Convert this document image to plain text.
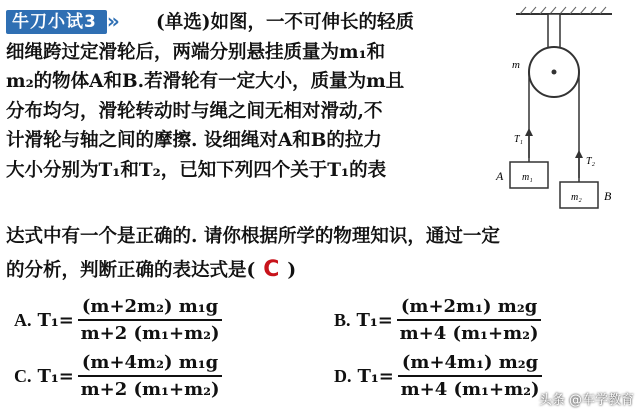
牛刀小试3 »	(单选)如图，一不可伸长的轻质
细绳跨过定滑轮后，两端分别悬挂质量为m₁和
m₂的物体A和B.若滑轮有一定大小，质量为m且
分布均匀，滑轮转动时与绳之间无相对滑动,不
计滑轮与轴之间的摩擦. 设细绳对A和B的拉力
大小分别为T₁和T₂，已知下列四个关于T₁的表
达式中有一个是正确的. 请你根据所学的物理知识，通过一定
的分析，判断正确的表达式是( C )
A. $T_1= \frac{\text{(m+2m₂) m₁g}}{\text{m+2 (m₁+m₂)}}$	B. $T_1= \frac{\text{(m+2m₁) m₂g}}{\text{m+4 (m₁+m₂)}}$
C. $T_1= \frac{\text{(m+4m₂) m₁g}}{\text{m+2 (m₁+m₂)}}$	D. $T_1= \frac{\text{(m+4m₁) m₂g}}{\text{m+4 (m₁+m₂)}}$
m
T₁
T₂
m₁
A
m₂ B
头条 @车学教育
